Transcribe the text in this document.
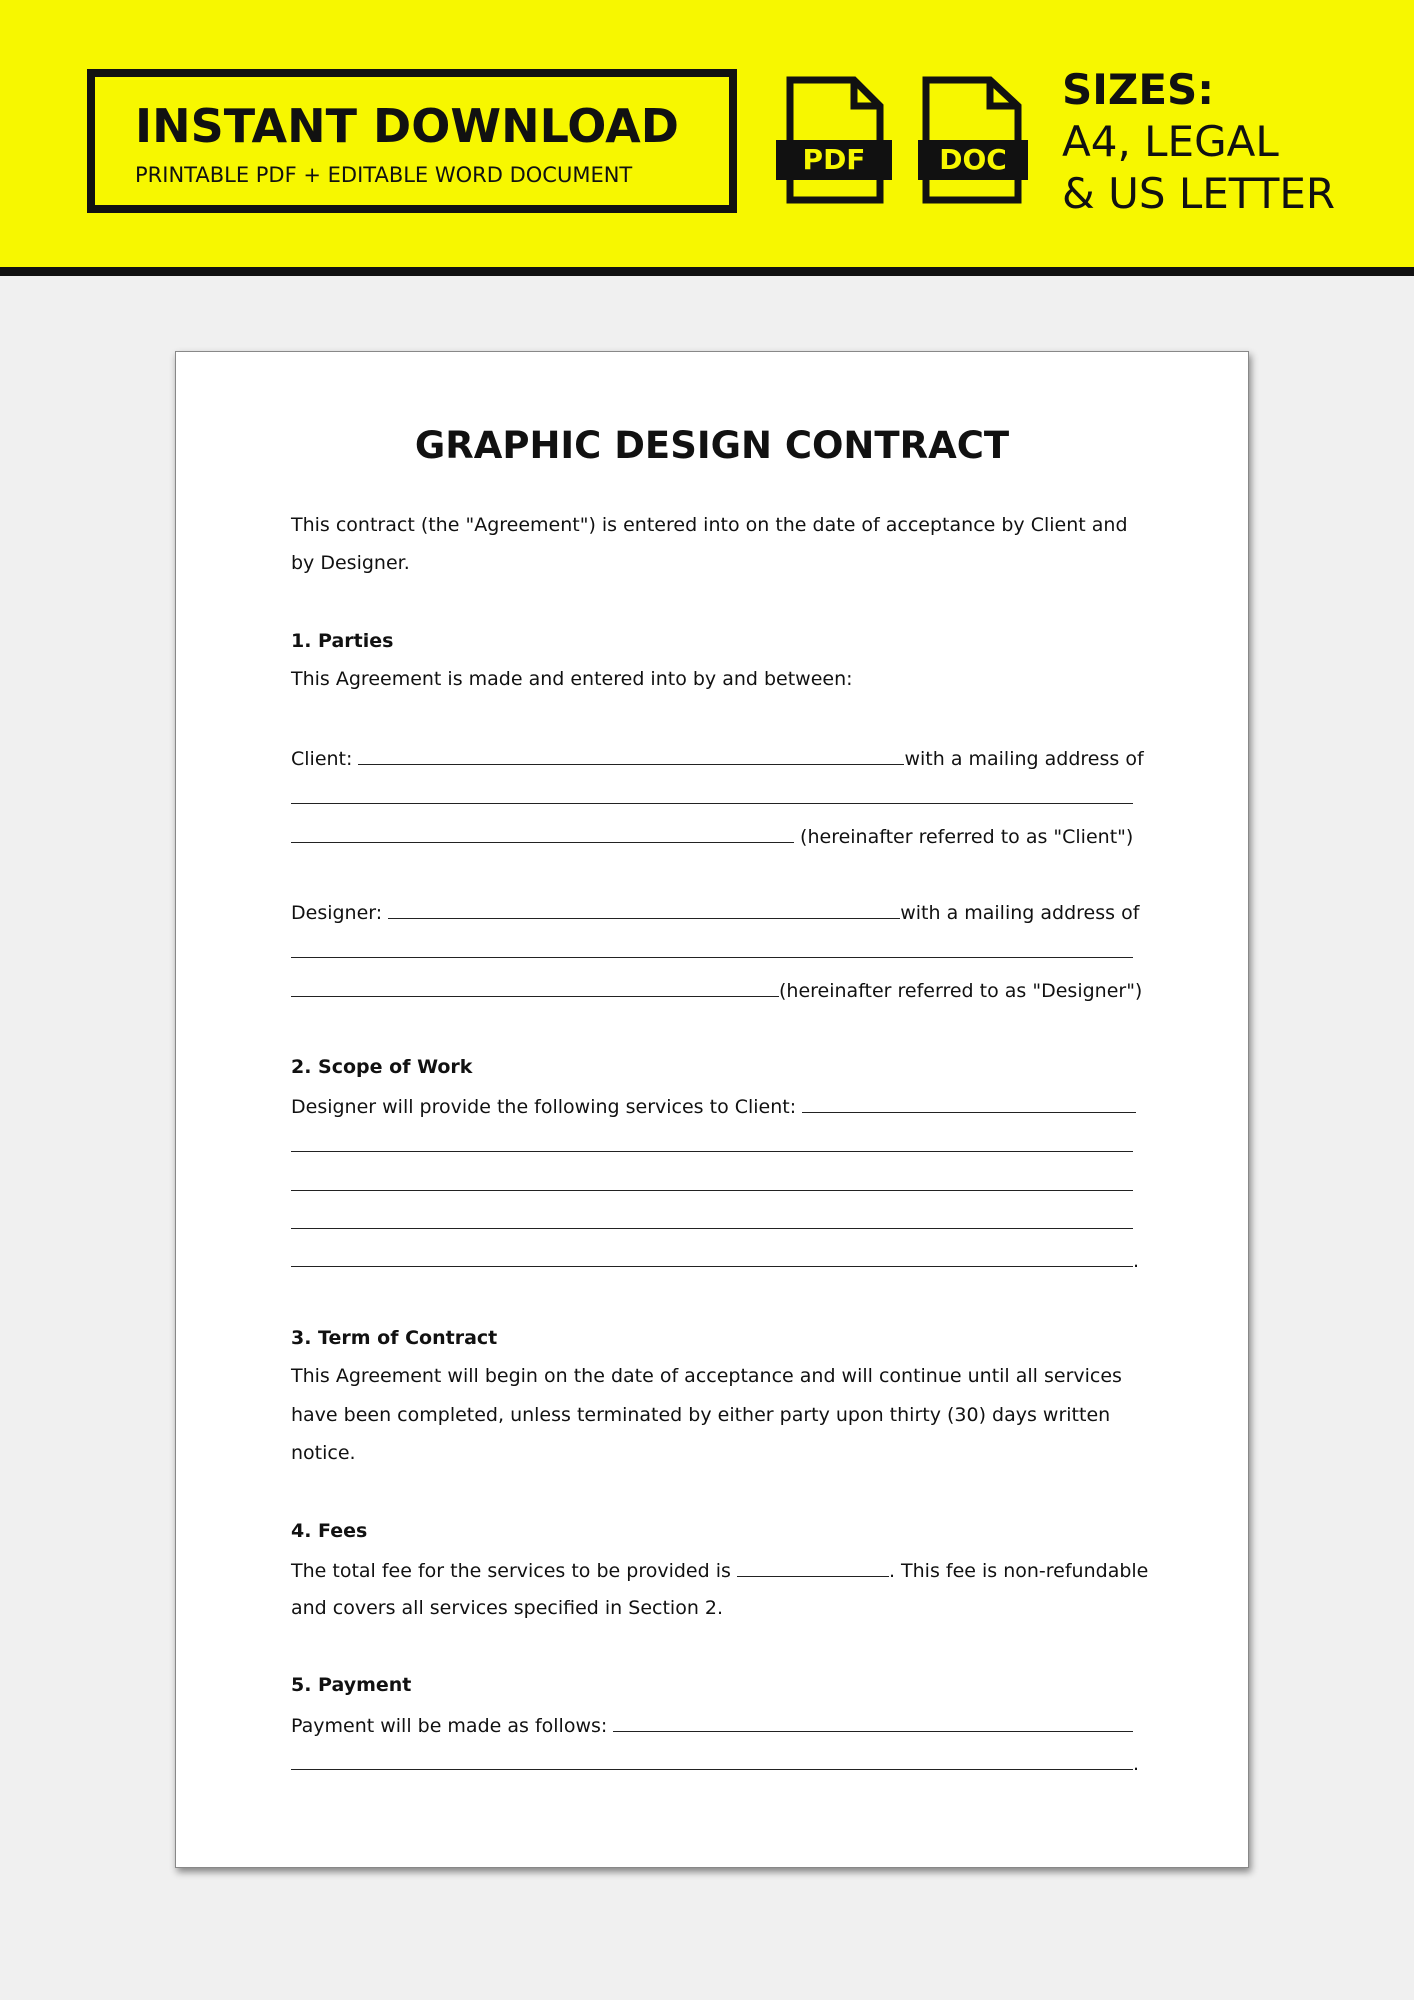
INSTANT DOWNLOAD
PRINTABLE PDF + EDITABLE WORD DOCUMENT	PDF	DOC
SIZES:
A4, LEGAL
& US LETTER
GRAPHIC DESIGN CONTRACT
This contract (the "Agreement") is entered into on the date of acceptance by Client and
by Designer.
1. Parties
This Agreement is made and entered into by and between:
Client:	with a mailing address of
(hereinafter referred to as "Client")
Designer:	with a mailing address of
(hereinafter referred to as "Designer")
2. Scope of Work
Designer will provide the following services to Client:
.
3. Term of Contract
This Agreement will begin on the date of acceptance and will continue until all services
have been completed, unless terminated by either party upon thirty (30) days written
notice.
4. Fees
The total fee for the services to be provided is	. This fee is non-refundable
and covers all services specified in Section 2.
5. Payment
Payment will be made as follows:
.
